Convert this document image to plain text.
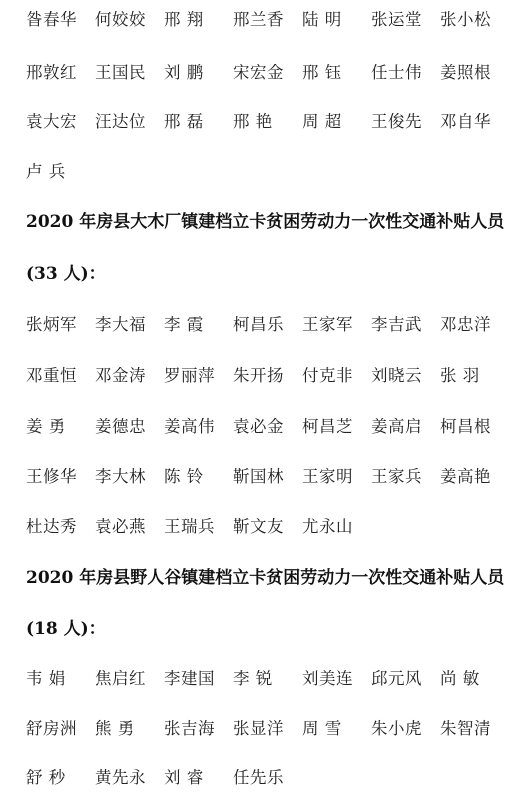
昝春华	何姣姣	邢 翔	邢兰香	陆 明	张运堂	张小松
邢敦红	王国民	刘 鹏	宋宏金	邢 钰	任士伟	姜照根
袁大宏	汪达位	邢 磊	邢 艳	周 超	王俊先	邓自华
卢 兵
2020 年房县大木厂镇建档立卡贫困劳动力一次性交通补贴人员
(33 人)：
张炳军	李大福	李 霞	柯昌乐	王家军	李吉武	邓忠洋
邓重恒	邓金涛	罗丽萍	朱开扬	付克非	刘晓云	张 羽
姜 勇	姜德忠	姜高伟	袁必金	柯昌芝	姜高启	柯昌根
王修华	李大林	陈 铃	靳国林	王家明	王家兵	姜高艳
杜达秀	袁必燕	王瑞兵	靳文友	尤永山
2020 年房县野人谷镇建档立卡贫困劳动力一次性交通补贴人员
(18 人)：
韦 娟	焦启红	李建国	李 锐	刘美连	邱元风	尚 敏
舒房洲	熊 勇	张吉海	张显洋	周 雪	朱小虎	朱智清
舒 秒	黄先永	刘 睿	任先乐
